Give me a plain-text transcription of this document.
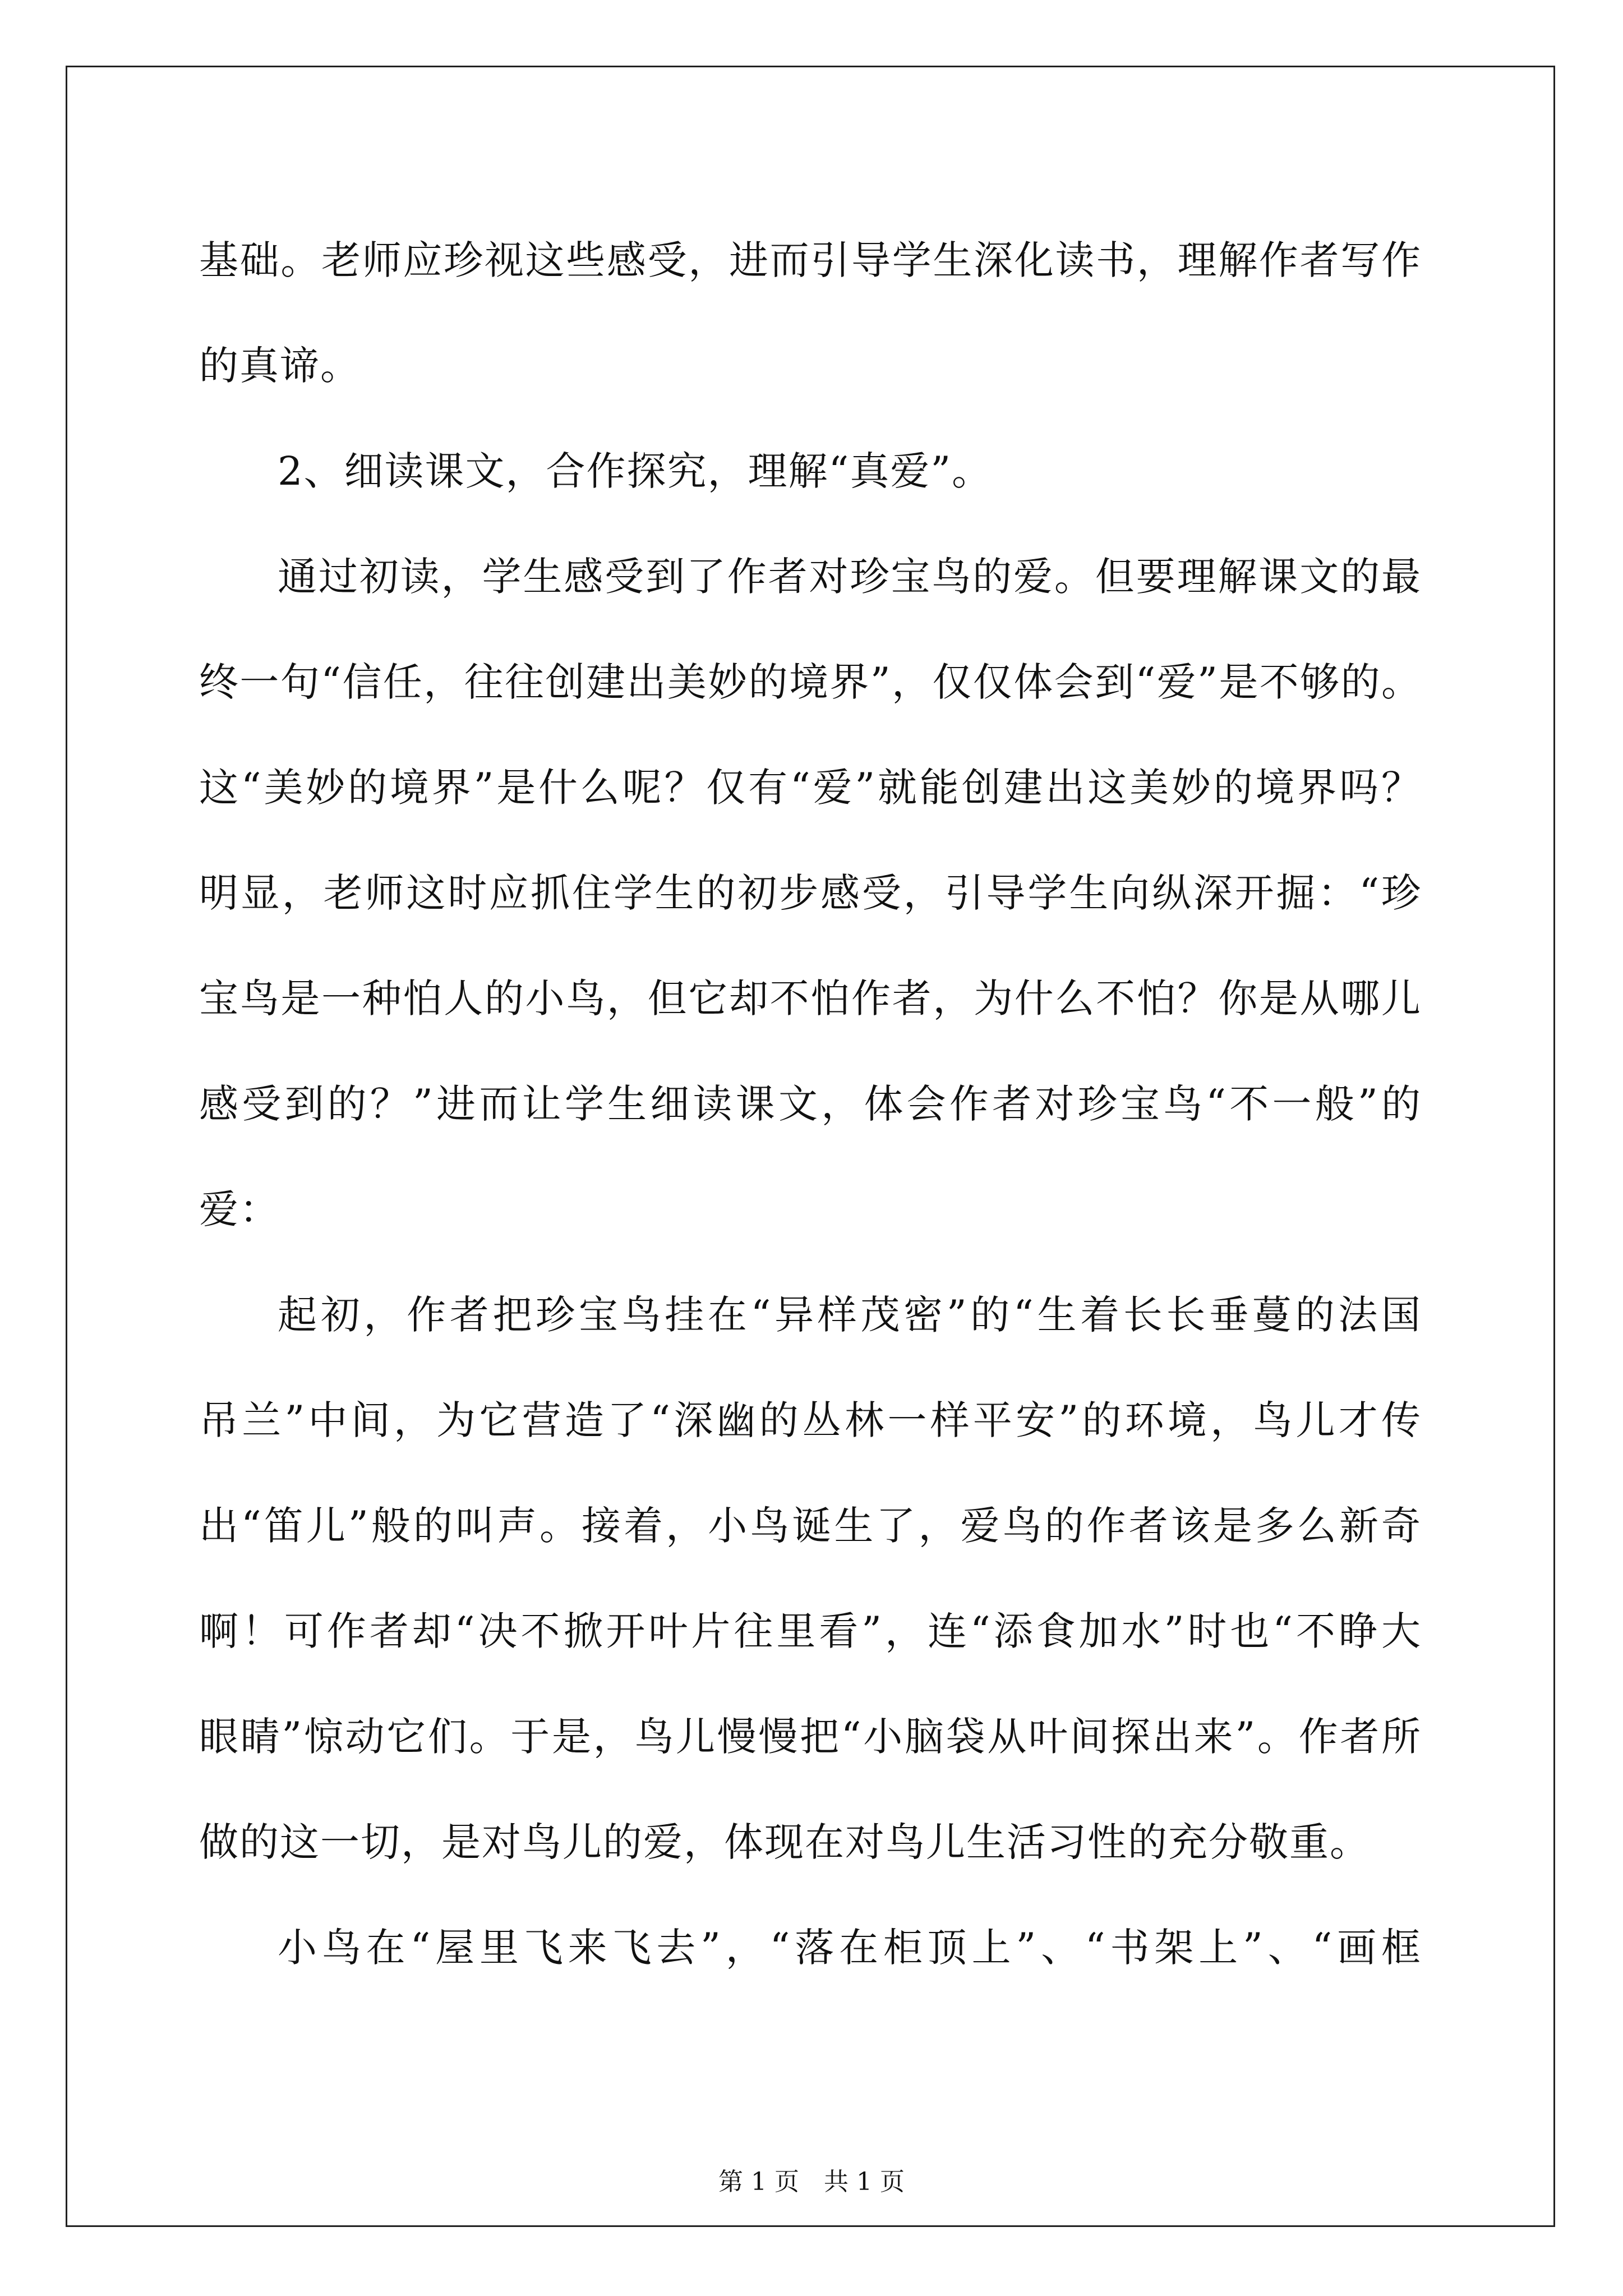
基础。老师应珍视这些感受，进而引导学生深化读书，理解作者写作
的真谛。
2、细读课文，合作探究，理解“真爱”。
通过初读，学生感受到了作者对珍宝鸟的爱。但要理解课文的最
终一句“信任，往往创建出美妙的境界”，仅仅体会到“爱”是不够的。
这“美妙的境界”是什么呢？仅有“爱”就能创建出这美妙的境界吗？
明显，老师这时应抓住学生的初步感受，引导学生向纵深开掘：“珍
宝鸟是一种怕人的小鸟，但它却不怕作者，为什么不怕？你是从哪儿
感受到的？”进而让学生细读课文，体会作者对珍宝鸟“不一般”的
爱：
起初，作者把珍宝鸟挂在“异样茂密”的“生着长长垂蔓的法国
吊兰”中间，为它营造了“深幽的丛林一样平安”的环境，鸟儿才传
出“笛儿”般的叫声。接着，小鸟诞生了，爱鸟的作者该是多么新奇
啊！可作者却“决不掀开叶片往里看”，连“添食加水”时也“不睁大
眼睛”惊动它们。于是，鸟儿慢慢把“小脑袋从叶间探出来”。作者所
做的这一切，是对鸟儿的爱，体现在对鸟儿生活习性的充分敬重。
小鸟在“屋里飞来飞去”，“落在柜顶上”、“书架上”、“画框
第 1 页　共 1 页
